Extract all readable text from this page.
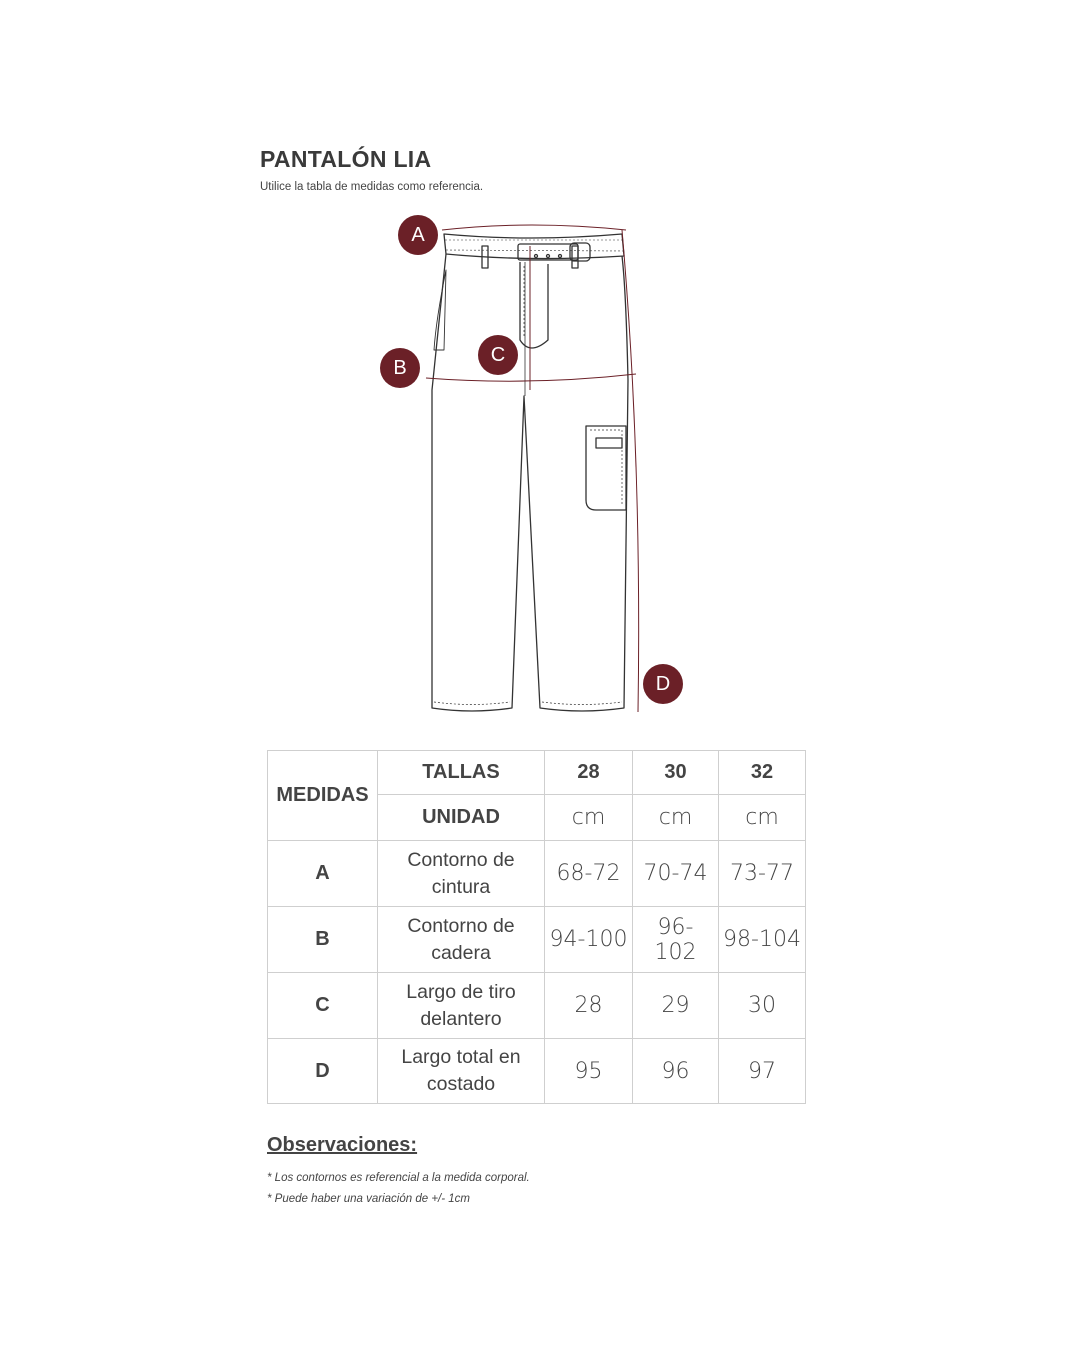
PANTALÓN LIA

Utilice la tabla de medidas como referencia.

A
B
C
D
MEDIDAS	TALLAS	28	30	32
	UNIDAD	cm	cm	cm
A	Contorno de cintura	68-72	70-74	73-77
B	Contorno de cadera	94-100	96-102	98-104
C	Largo de tiro delantero	28	29	30
D	Largo total en costado	95	96	97
Observaciones:

* Los contornos es referencial a la medida corporal.

* Puede haber una variación de +/- 1cm
